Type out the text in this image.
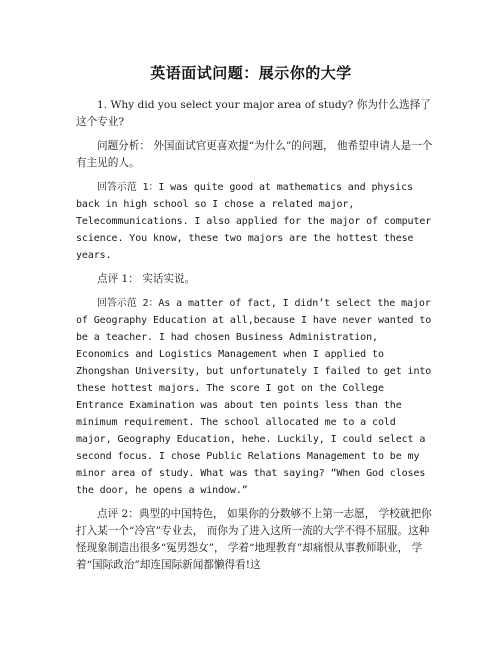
英语面试问题：展示你的大学

1. Why did you select your major area of study? 你为什么选择了这个专业?

问题分析： 外国面试官更喜欢提“为什么”的问题， 他希望申请人是一个有主见的人。

回答示范 1：I was quite good at mathematics and physics back in high school so I chose a related major, Telecommunications. I also applied for the major of computer science. You know, these two majors are the hottest these years.

点评 1： 实话实说。

回答示范 2：As a matter of fact, I didn’t select the major of Geography Education at all,because I have never wanted to be a teacher. I had chosen Business Administration, Economics and Logistics Management when I applied to Zhongshan University, but unfortunately I failed to get into these hottest majors. The score I got on the College Entrance Examination was about ten points less than the minimum requirement. The school allocated me to a cold major, Geography Education, hehe. Luckily, I could select a second focus. I chose Public Relations Management to be my minor area of study. What was that saying? “When God closes the door, he opens a window.”

点评 2：典型的中国特色， 如果你的分数够不上第一志愿， 学校就把你打入某一个“冷宫”专业去， 而你为了进入这所一流的大学不得不屈服。这种怪现象制造出很多“冤男怨女”， 学着“地理教育”却痛恨从事教师职业， 学着“国际政治”却连国际新闻都懒得看!这
